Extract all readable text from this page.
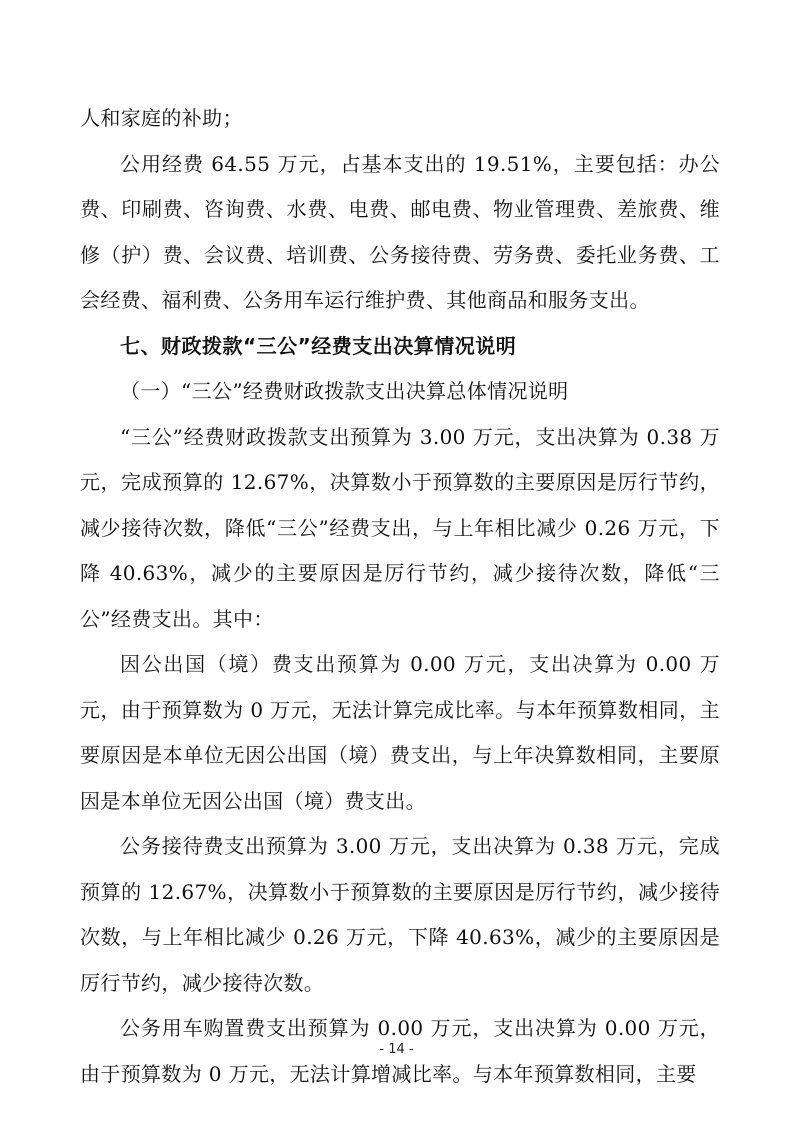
人和家庭的补助；

公用经费 64.55 万元，占基本支出的 19.51%，主要包括：办公费、印刷费、咨询费、水费、电费、邮电费、物业管理费、差旅费、维修（护）费、会议费、培训费、公务接待费、劳务费、委托业务费、工会经费、福利费、公务用车运行维护费、其他商品和服务支出。

七、财政拨款“三公”经费支出决算情况说明

（一）“三公”经费财政拨款支出决算总体情况说明

“三公”经费财政拨款支出预算为 3.00 万元，支出决算为 0.38 万元，完成预算的 12.67%，决算数小于预算数的主要原因是厉行节约，减少接待次数，降低“三公”经费支出，与上年相比减少 0.26 万元，下降 40.63%，减少的主要原因是厉行节约，减少接待次数，降低“三公”经费支出。其中：

因公出国（境）费支出预算为 0.00 万元，支出决算为 0.00 万元，由于预算数为 0 万元，无法计算完成比率。与本年预算数相同，主要原因是本单位无因公出国（境）费支出，与上年决算数相同，主要原因是本单位无因公出国（境）费支出。

公务接待费支出预算为 3.00 万元，支出决算为 0.38 万元，完成预算的 12.67%，决算数小于预算数的主要原因是厉行节约，减少接待次数，与上年相比减少 0.26 万元，下降 40.63%，减少的主要原因是厉行节约，减少接待次数。

公务用车购置费支出预算为 0.00 万元，支出决算为 0.00 万元，由于预算数为 0 万元，无法计算增减比率。与本年预算数相同，主要

- 14 -
